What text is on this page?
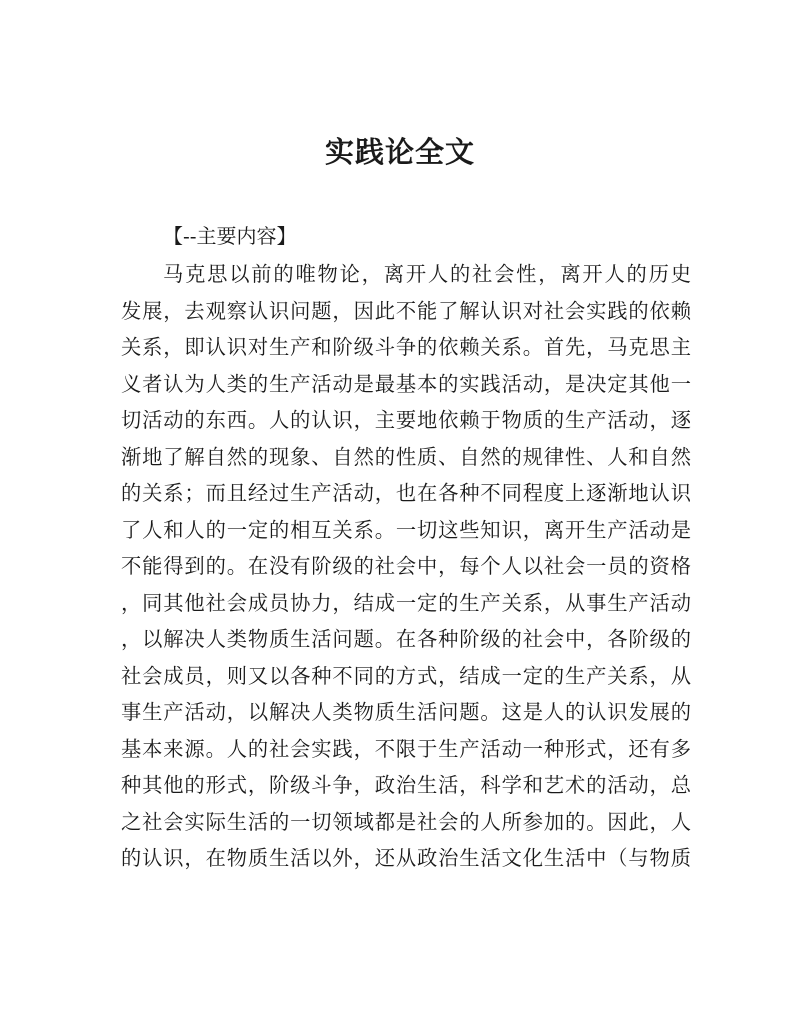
实践论全文
【--主要内容】
马克思以前的唯物论，离开人的社会性，离开人的历史
发展，去观察认识问题，因此不能了解认识对社会实践的依赖
关系，即认识对生产和阶级斗争的依赖关系。首先，马克思主
义者认为人类的生产活动是最基本的实践活动，是决定其他一
切活动的东西。人的认识，主要地依赖于物质的生产活动，逐
渐地了解自然的现象、自然的性质、自然的规律性、人和自然
的关系；而且经过生产活动，也在各种不同程度上逐渐地认识
了人和人的一定的相互关系。一切这些知识，离开生产活动是
不能得到的。在没有阶级的社会中，每个人以社会一员的资格
，同其他社会成员协力，结成一定的生产关系，从事生产活动
，以解决人类物质生活问题。在各种阶级的社会中，各阶级的
社会成员，则又以各种不同的方式，结成一定的生产关系，从
事生产活动，以解决人类物质生活问题。这是人的认识发展的
基本来源。人的社会实践，不限于生产活动一种形式，还有多
种其他的形式，阶级斗争，政治生活，科学和艺术的活动，总
之社会实际生活的一切领域都是社会的人所参加的。因此，人
的认识，在物质生活以外，还从政治生活文化生活中（与物质
